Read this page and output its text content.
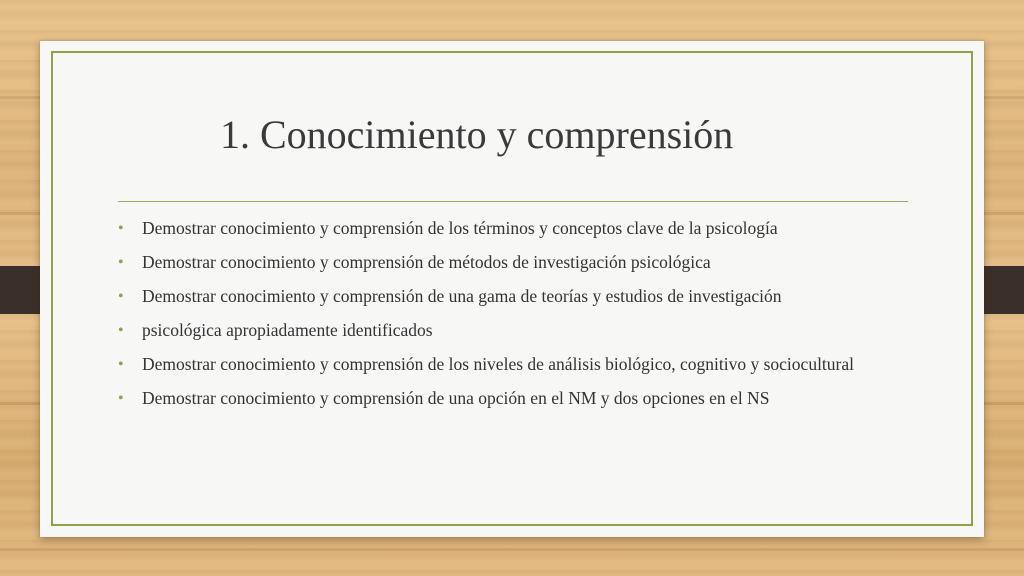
1. Conocimiento y comprensión
• Demostrar conocimiento y comprensión de los términos y conceptos clave de la psicología
• Demostrar conocimiento y comprensión de métodos de investigación psicológica
• Demostrar conocimiento y comprensión de una gama de teorías y estudios de investigación
• psicológica apropiadamente identificados
• Demostrar conocimiento y comprensión de los niveles de análisis biológico, cognitivo y sociocultural
• Demostrar conocimiento y comprensión de una opción en el NM y dos opciones en el NS
